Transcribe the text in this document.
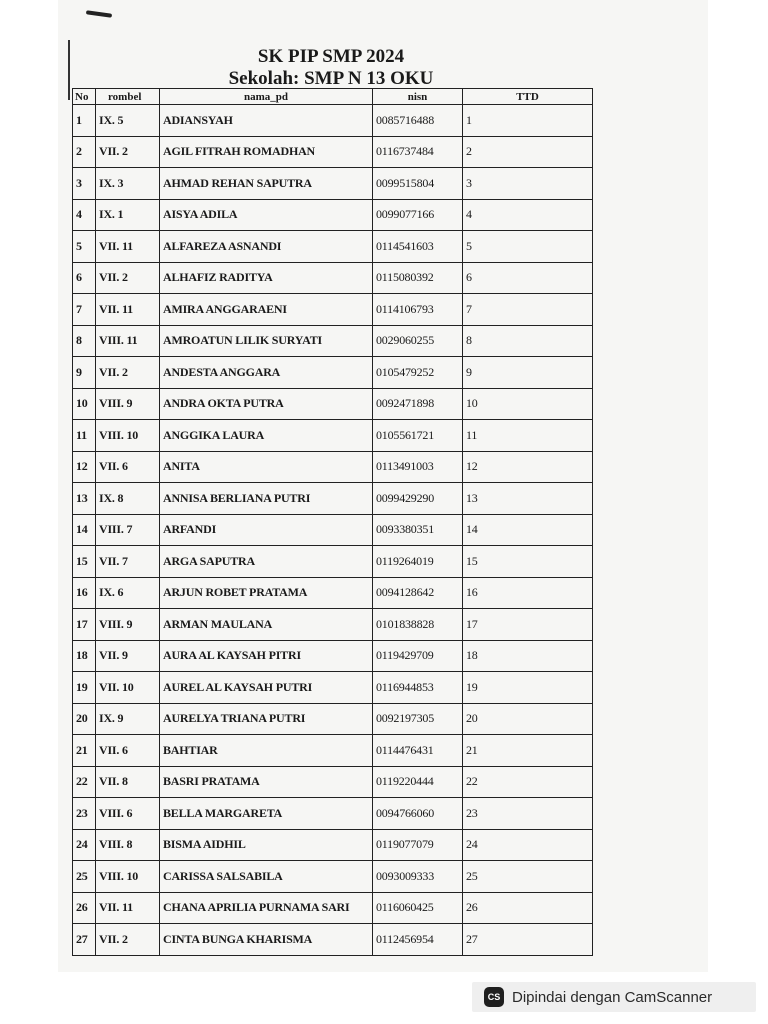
SK PIP SMP 2024
Sekolah: SMP N 13 OKU
No	rombel	nama_pd	nisn	TTD
1	IX. 5	ADIANSYAH	0085716488	1
2	VII. 2	AGIL FITRAH ROMADHAN	0116737484	2
3	IX. 3	AHMAD REHAN SAPUTRA	0099515804	3
4	IX. 1	AISYA ADILA	0099077166	4
5	VII. 11	ALFAREZA ASNANDI	0114541603	5
6	VII. 2	ALHAFIZ RADITYA	0115080392	6
7	VII. 11	AMIRA ANGGARAENI	0114106793	7
8	VIII. 11	AMROATUN LILIK SURYATI	0029060255	8
9	VII. 2	ANDESTA ANGGARA	0105479252	9
10	VIII. 9	ANDRA OKTA PUTRA	0092471898	10
11	VIII. 10	ANGGIKA LAURA	0105561721	11
12	VII. 6	ANITA	0113491003	12
13	IX. 8	ANNISA BERLIANA PUTRI	0099429290	13
14	VIII. 7	ARFANDI	0093380351	14
15	VII. 7	ARGA SAPUTRA	0119264019	15
16	IX. 6	ARJUN ROBET PRATAMA	0094128642	16
17	VIII. 9	ARMAN MAULANA	0101838828	17
18	VII. 9	AURA AL KAYSAH PITRI	0119429709	18
19	VII. 10	AUREL AL KAYSAH PUTRI	0116944853	19
20	IX. 9	AURELYA TRIANA PUTRI	0092197305	20
21	VII. 6	BAHTIAR	0114476431	21
22	VII. 8	BASRI PRATAMA	0119220444	22
23	VIII. 6	BELLA MARGARETA	0094766060	23
24	VIII. 8	BISMA AIDHIL	0119077079	24
25	VIII. 10	CARISSA SALSABILA	0093009333	25
26	VII. 11	CHANA APRILIA PURNAMA SARI	0116060425	26
27	VII. 2	CINTA BUNGA KHARISMA	0112456954	27
CS Dipindai dengan CamScanner
